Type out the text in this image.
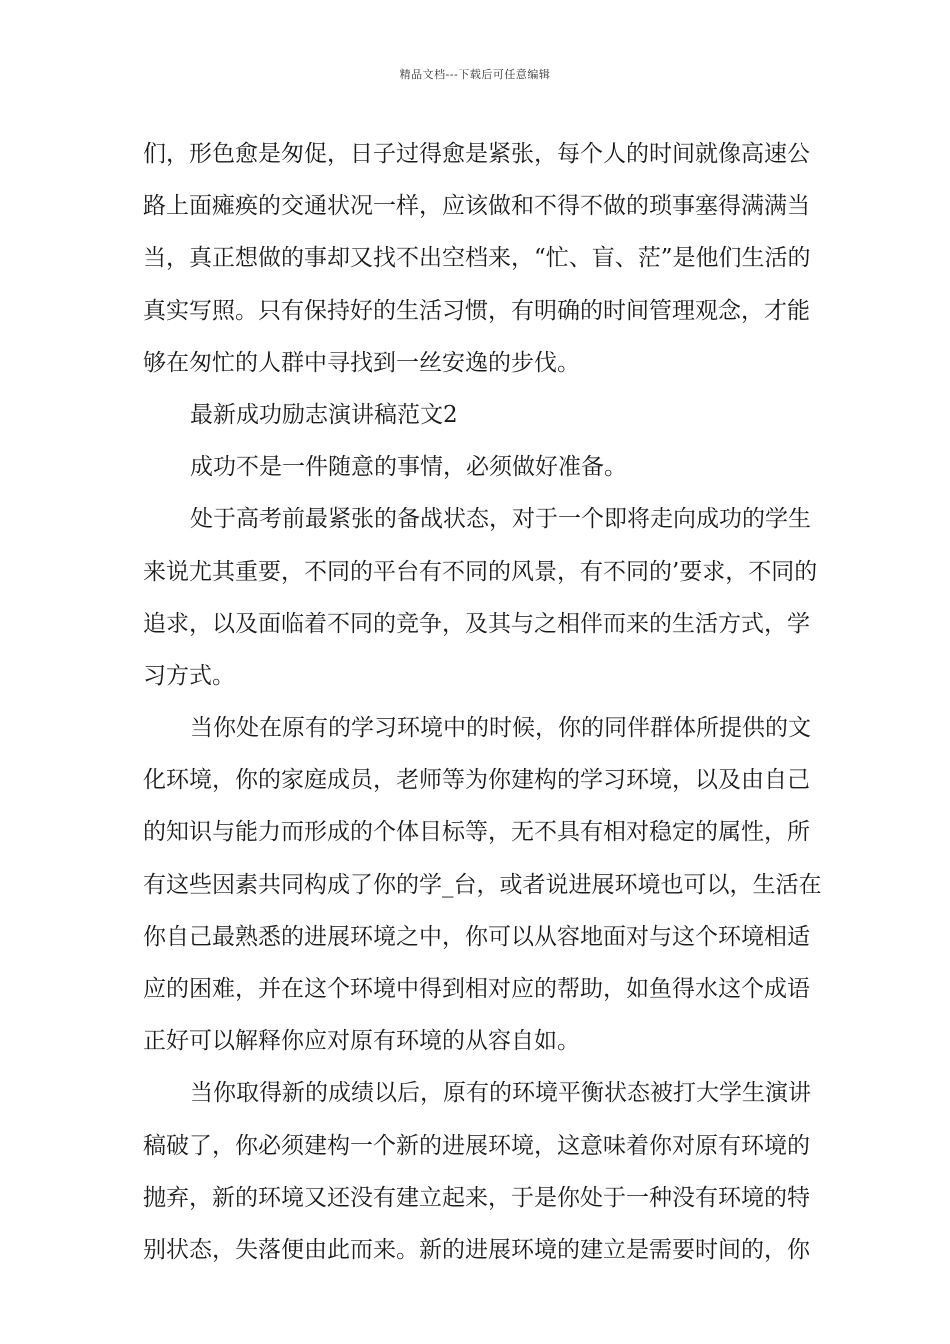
精品文档---下载后可任意编辑
们，形色愈是匆促，日子过得愈是紧张，每个人的时间就像高速公
路上面瘫痪的交通状况一样，应该做和不得不做的琐事塞得满满当
当，真正想做的事却又找不出空档来，“忙、盲、茫”是他们生活的
真实写照。只有保持好的生活习惯，有明确的时间管理观念，才能
够在匆忙的人群中寻找到一丝安逸的步伐。
最新成功励志演讲稿范文2
成功不是一件随意的事情，必须做好准备。
处于高考前最紧张的备战状态，对于一个即将走向成功的学生
来说尤其重要，不同的平台有不同的风景，有不同的’要求，不同的
追求，以及面临着不同的竞争，及其与之相伴而来的生活方式，学
习方式。
当你处在原有的学习环境中的时候，你的同伴群体所提供的文
化环境，你的家庭成员，老师等为你建构的学习环境，以及由自己
的知识与能力而形成的个体目标等，无不具有相对稳定的属性，所
有这些因素共同构成了你的学_台，或者说进展环境也可以，生活在
你自己最熟悉的进展环境之中，你可以从容地面对与这个环境相适
应的困难，并在这个环境中得到相对应的帮助，如鱼得水这个成语
正好可以解释你应对原有环境的从容自如。
当你取得新的成绩以后，原有的环境平衡状态被打大学生演讲
稿破了，你必须建构一个新的进展环境，这意味着你对原有环境的
抛弃，新的环境又还没有建立起来，于是你处于一种没有环境的特
别状态，失落便由此而来。新的进展环境的建立是需要时间的，你
